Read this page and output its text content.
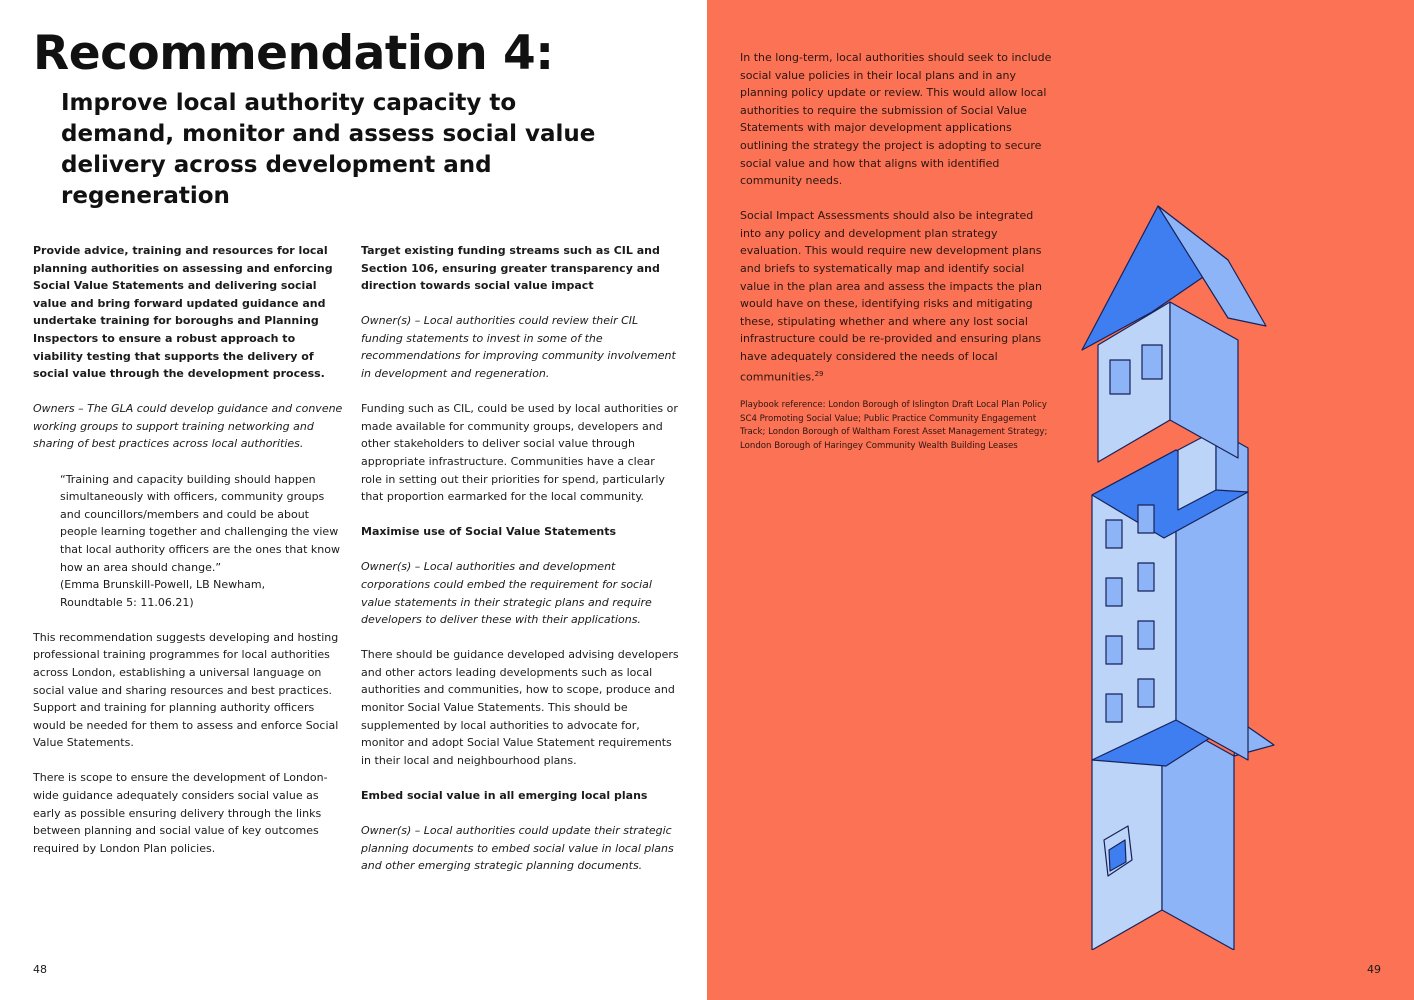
Recommendation 4:
Improve local authority capacity to demand, monitor and assess social value delivery across development and regeneration

Provide advice, training and resources for local planning authorities on assessing and enforcing Social Value Statements and delivering social value and bring forward updated guidance and undertake training for boroughs and Planning Inspectors to ensure a robust approach to viability testing that supports the delivery of social value through the development process.

Owners – The GLA could develop guidance and convene working groups to support training networking and sharing of best practices across local authorities.

“Training and capacity building should happen simultaneously with officers, community groups and councillors/members and could be about people learning together and challenging the view that local authority officers are the ones that know how an area should change.”
(Emma Brunskill-Powell, LB Newham,
Roundtable 5: 11.06.21)

This recommendation suggests developing and hosting professional training programmes for local authorities across London, establishing a universal language on social value and sharing resources and best practices. Support and training for planning authority officers would be needed for them to assess and enforce Social Value Statements.

There is scope to ensure the development of London-wide guidance adequately considers social value as early as possible ensuring delivery through the links between planning and social value of key outcomes required by London Plan policies.

Target existing funding streams such as CIL and Section 106, ensuring greater transparency and direction towards social value impact

Owner(s) – Local authorities could review their CIL funding statements to invest in some of the recommendations for improving community involvement in development and regeneration.

Funding such as CIL, could be used by local authorities or made available for community groups, developers and other stakeholders to deliver social value through appropriate infrastructure. Communities have a clear role in setting out their priorities for spend, particularly that proportion earmarked for the local community.

Maximise use of Social Value Statements

Owner(s) – Local authorities and development corporations could embed the requirement for social value statements in their strategic plans and require developers to deliver these with their applications.

There should be guidance developed advising developers and other actors leading developments such as local authorities and communities, how to scope, produce and monitor Social Value Statements. This should be supplemented by local authorities to advocate for, monitor and adopt Social Value Statement requirements in their local and neighbourhood plans.

Embed social value in all emerging local plans

Owner(s) – Local authorities could update their strategic planning documents to embed social value in local plans and other emerging strategic planning documents.

48	49

In the long-term, local authorities should seek to include social value policies in their local plans and in any planning policy update or review. This would allow local authorities to require the submission of Social Value Statements with major development applications outlining the strategy the project is adopting to secure social value and how that aligns with identified community needs.

Social Impact Assessments should also be integrated into any policy and development plan strategy evaluation. This would require new development plans and briefs to systematically map and identify social value in the plan area and assess the impacts the plan would have on these, identifying risks and mitigating these, stipulating whether and where any lost social infrastructure could be re-provided and ensuring plans have adequately considered the needs of local communities.$^{29}$

Playbook reference: London Borough of Islington Draft Local Plan Policy SC4 Promoting Social Value; Public Practice Community Engagement Track; London Borough of Waltham Forest Asset Management Strategy; London Borough of Haringey Community Wealth Building Leases
